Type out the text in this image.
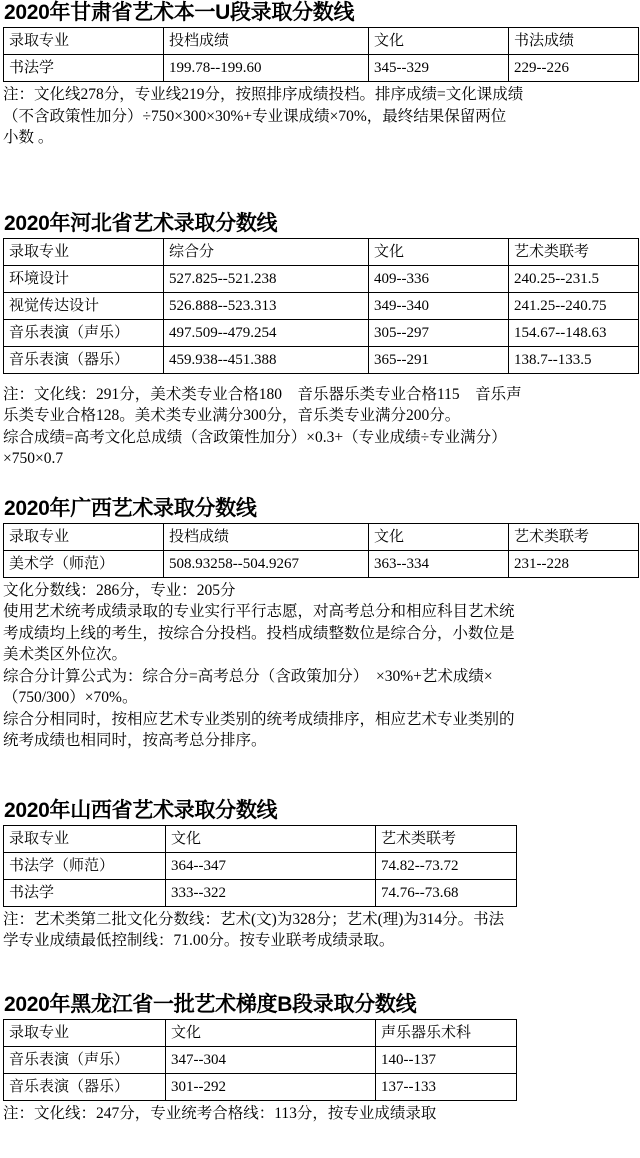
2020年甘肃省艺术本一U段录取分数线
录取专业	投档成绩	文化	书法成绩
书法学	199.78--199.60	345--329	229--226
注：文化线278分，专业线219分，按照排序成绩投档。排序成绩=文化课成绩
（不含政策性加分）÷750×300×30%+专业课成绩×70%，最终结果保留两位
小数 。
2020年河北省艺术录取分数线
录取专业	综合分	文化	艺术类联考
环境设计	527.825--521.238	409--336	240.25--231.5
视觉传达设计	526.888--523.313	349--340	241.25--240.75
音乐表演（声乐）	497.509--479.254	305--297	154.67--148.63
音乐表演（器乐）	459.938--451.388	365--291	138.7--133.5
注：文化线：291分，美术类专业合格180　音乐器乐类专业合格115　音乐声
乐类专业合格128。美术类专业满分300分，音乐类专业满分200分。
综合成绩=高考文化总成绩（含政策性加分）×0.3+（专业成绩÷专业满分）
×750×0.7
2020年广西艺术录取分数线
录取专业	投档成绩	文化	艺术类联考
美术学（师范）	508.93258--504.9267	363--334	231--228
文化分数线：286分，专业：205分
使用艺术统考成绩录取的专业实行平行志愿，对高考总分和相应科目艺术统
考成绩均上线的考生，按综合分投档。投档成绩整数位是综合分，小数位是
美术类区外位次。
综合分计算公式为：综合分=高考总分（含政策加分）　×30%+艺术成绩×
（750/300）×70%。
综合分相同时，按相应艺术专业类别的统考成绩排序，相应艺术专业类别的
统考成绩也相同时，按高考总分排序。
2020年山西省艺术录取分数线
录取专业	文化	艺术类联考
书法学（师范）	364--347	74.82--73.72
书法学	333--322	74.76--73.68
注：艺术类第二批文化分数线：艺术(文)为328分；艺术(理)为314分。书法
学专业成绩最低控制线：71.00分。按专业联考成绩录取。
2020年黑龙江省一批艺术梯度B段录取分数线
录取专业	文化	声乐器乐术科
音乐表演（声乐）	347--304	140--137
音乐表演（器乐）	301--292	137--133
注：文化线：247分，专业统考合格线：113分，按专业成绩录取
